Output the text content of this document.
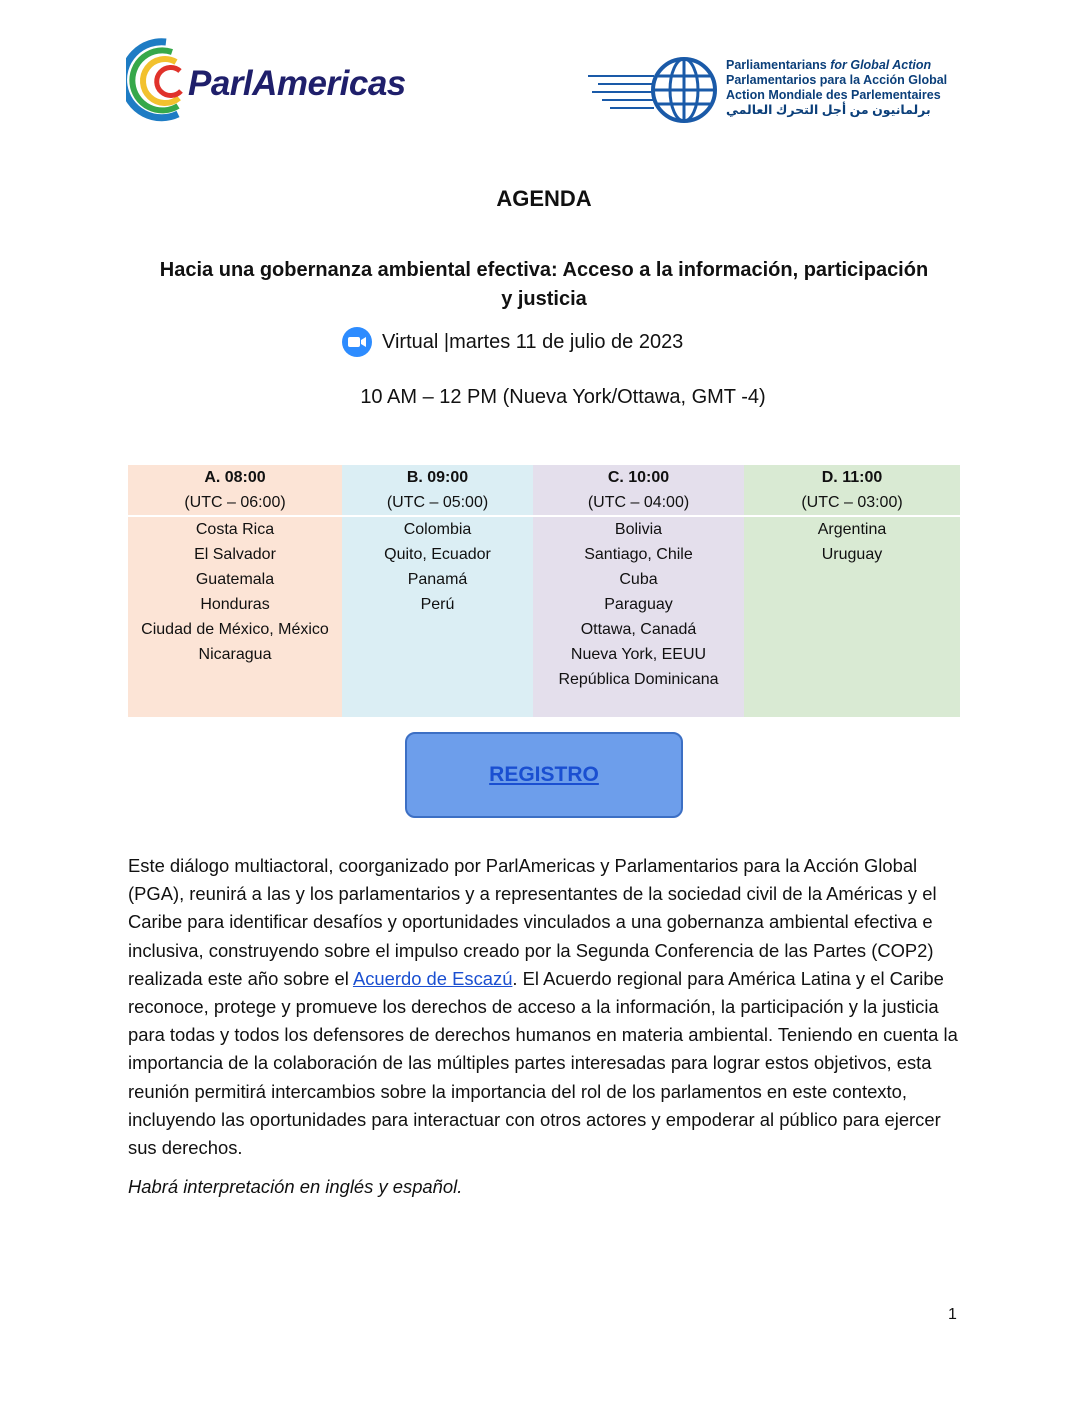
ParlAmericas	Parliamentarians for Global Action
Parlamentarios para la Acción Global
Action Mondiale des Parlementaires
برلمانيون من أجل التحرك العالمي
AGENDA
Hacia una gobernanza ambiental efectiva: Acceso a la información, participación
y justicia
Virtual |martes 11 de julio de 2023
10 AM – 12 PM (Nueva York/Ottawa, GMT -4)
A. 08:00
(UTC – 06:00)
Costa Rica
El Salvador
Guatemala
Honduras
Ciudad de México, México
Nicaragua
B. 09:00
(UTC – 05:00)
Colombia
Quito, Ecuador
Panamá
Perú
C. 10:00
(UTC – 04:00)
Bolivia
Santiago, Chile
Cuba
Paraguay
Ottawa, Canadá
Nueva York, EEUU
República Dominicana
D. 11:00
(UTC – 03:00)
Argentina
Uruguay
REGISTRO

Este diálogo multiactoral, coorganizado por ParlAmericas y Parlamentarios para la Acción Global (PGA), reunirá a las y los parlamentarios y a representantes de la sociedad civil de la Américas y el Caribe para identificar desafíos y oportunidades vinculados a una gobernanza ambiental efectiva e inclusiva, construyendo sobre el impulso creado por la Segunda Conferencia de las Partes (COP2) realizada este año sobre el Acuerdo de Escazú. El Acuerdo regional para América Latina y el Caribe reconoce, protege y promueve los derechos de acceso a la información, la participación y la justicia para todas y todos los defensores de derechos humanos en materia ambiental. Teniendo en cuenta la importancia de la colaboración de las múltiples partes interesadas para lograr estos objetivos, esta reunión permitirá intercambios sobre la importancia del rol de los parlamentos en este contexto, incluyendo las oportunidades para interactuar con otros actores y empoderar al público para ejercer sus derechos.

Habrá interpretación en inglés y español.
1
